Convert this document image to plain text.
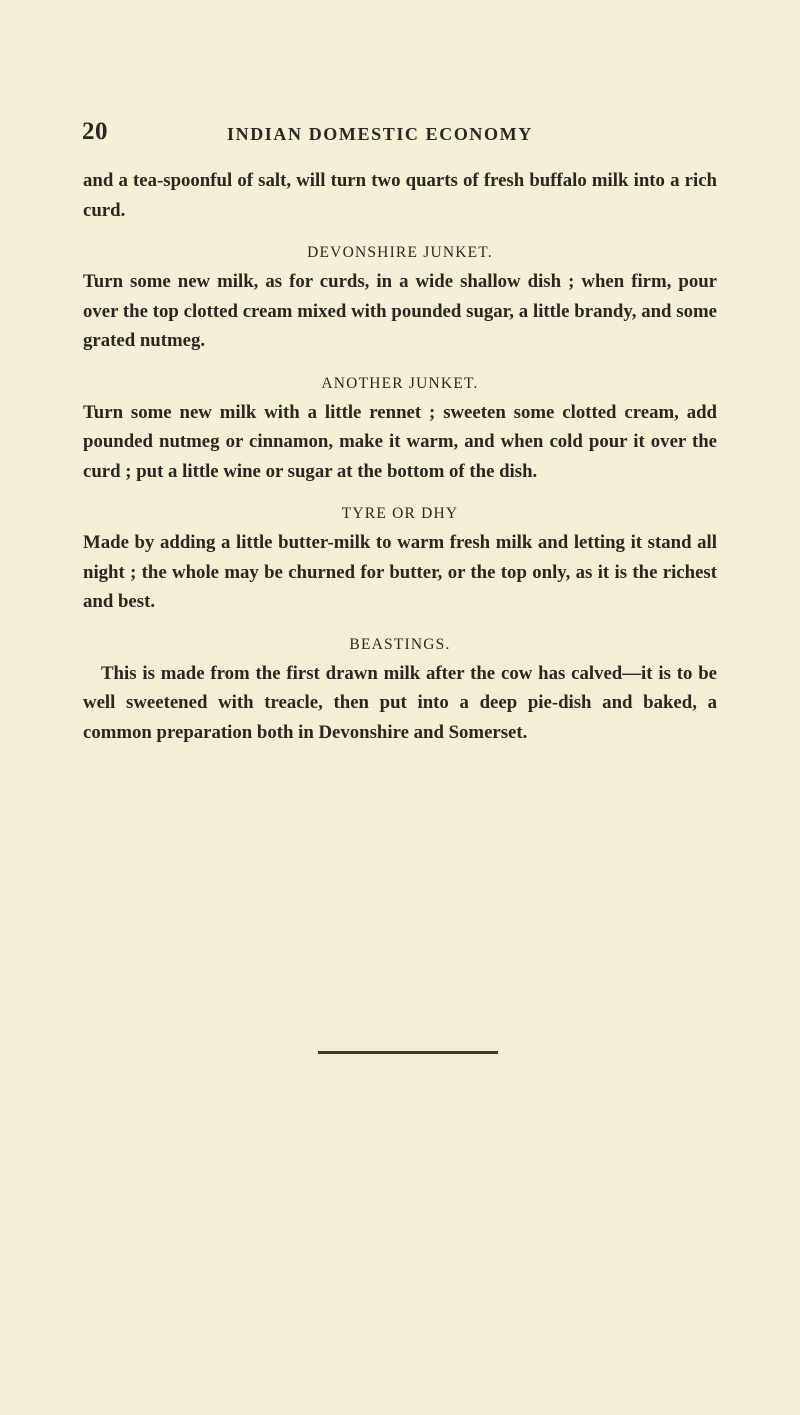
20	INDIAN DOMESTIC ECONOMY

and a tea-spoonful of salt, will turn two quarts of fresh buffalo milk into a rich curd.

DEVONSHIRE JUNKET.

Turn some new milk, as for curds, in a wide shallow dish ; when firm, pour over the top clotted cream mixed with pounded sugar, a little brandy, and some grated nutmeg.

ANOTHER JUNKET.

Turn some new milk with a little rennet ; sweeten some clotted cream, add pounded nutmeg or cinnamon, make it warm, and when cold pour it over the curd ; put a little wine or sugar at the bottom of the dish.

TYRE OR DHY

Made by adding a little butter-milk to warm fresh milk and letting it stand all night ; the whole may be churned for butter, or the top only, as it is the richest and best.

BEASTINGS.

This is made from the first drawn milk after the cow has calved—it is to be well sweetened with treacle, then put into a deep pie-dish and baked, a common preparation both in Devonshire and Somerset.
